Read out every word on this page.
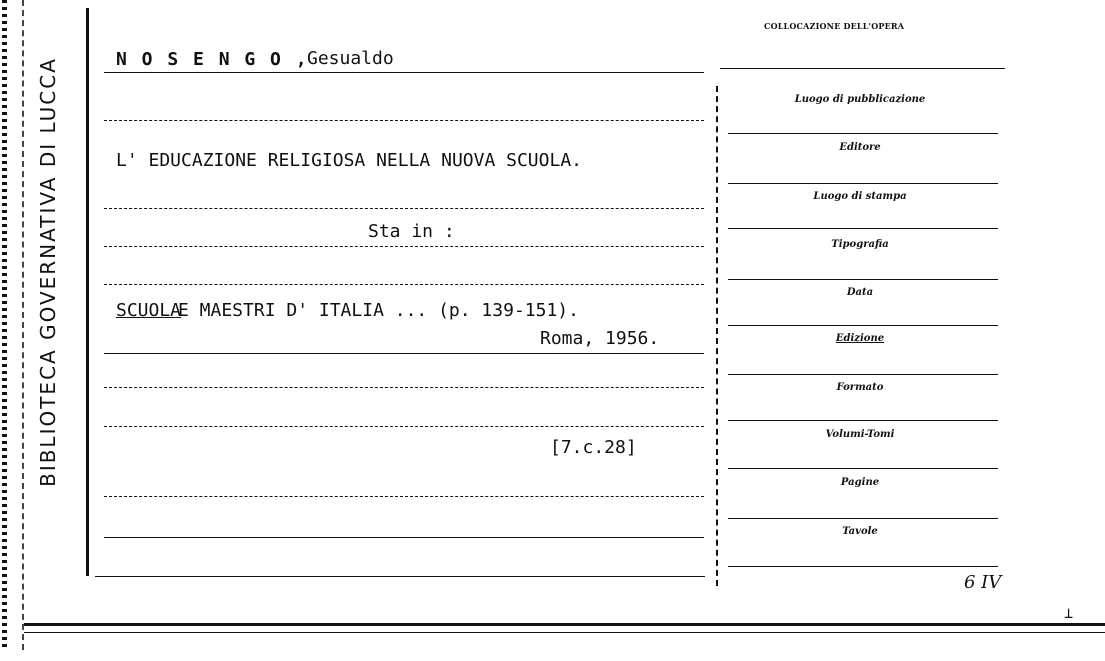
BIBLIOTECA GOVERNATIVA DI LUCCA	N O S E N G O ,
Gesualdo
L' EDUCAZIONE RELIGIOSA NELLA NUOVA SCUOLA.
Sta in :
SCUOLA
E MAESTRI D' ITALIA ... (p. 139-151).
Roma, 1956.
[7.c.28]
COLLOCAZIONE DELL'OPERA
Luogo di pubblicazione
Editore
Luogo di stampa
Tipografia
Data
Edizione
Formato
Volumi-Tomi
Pagine
Tavole
6 IV
⊥
